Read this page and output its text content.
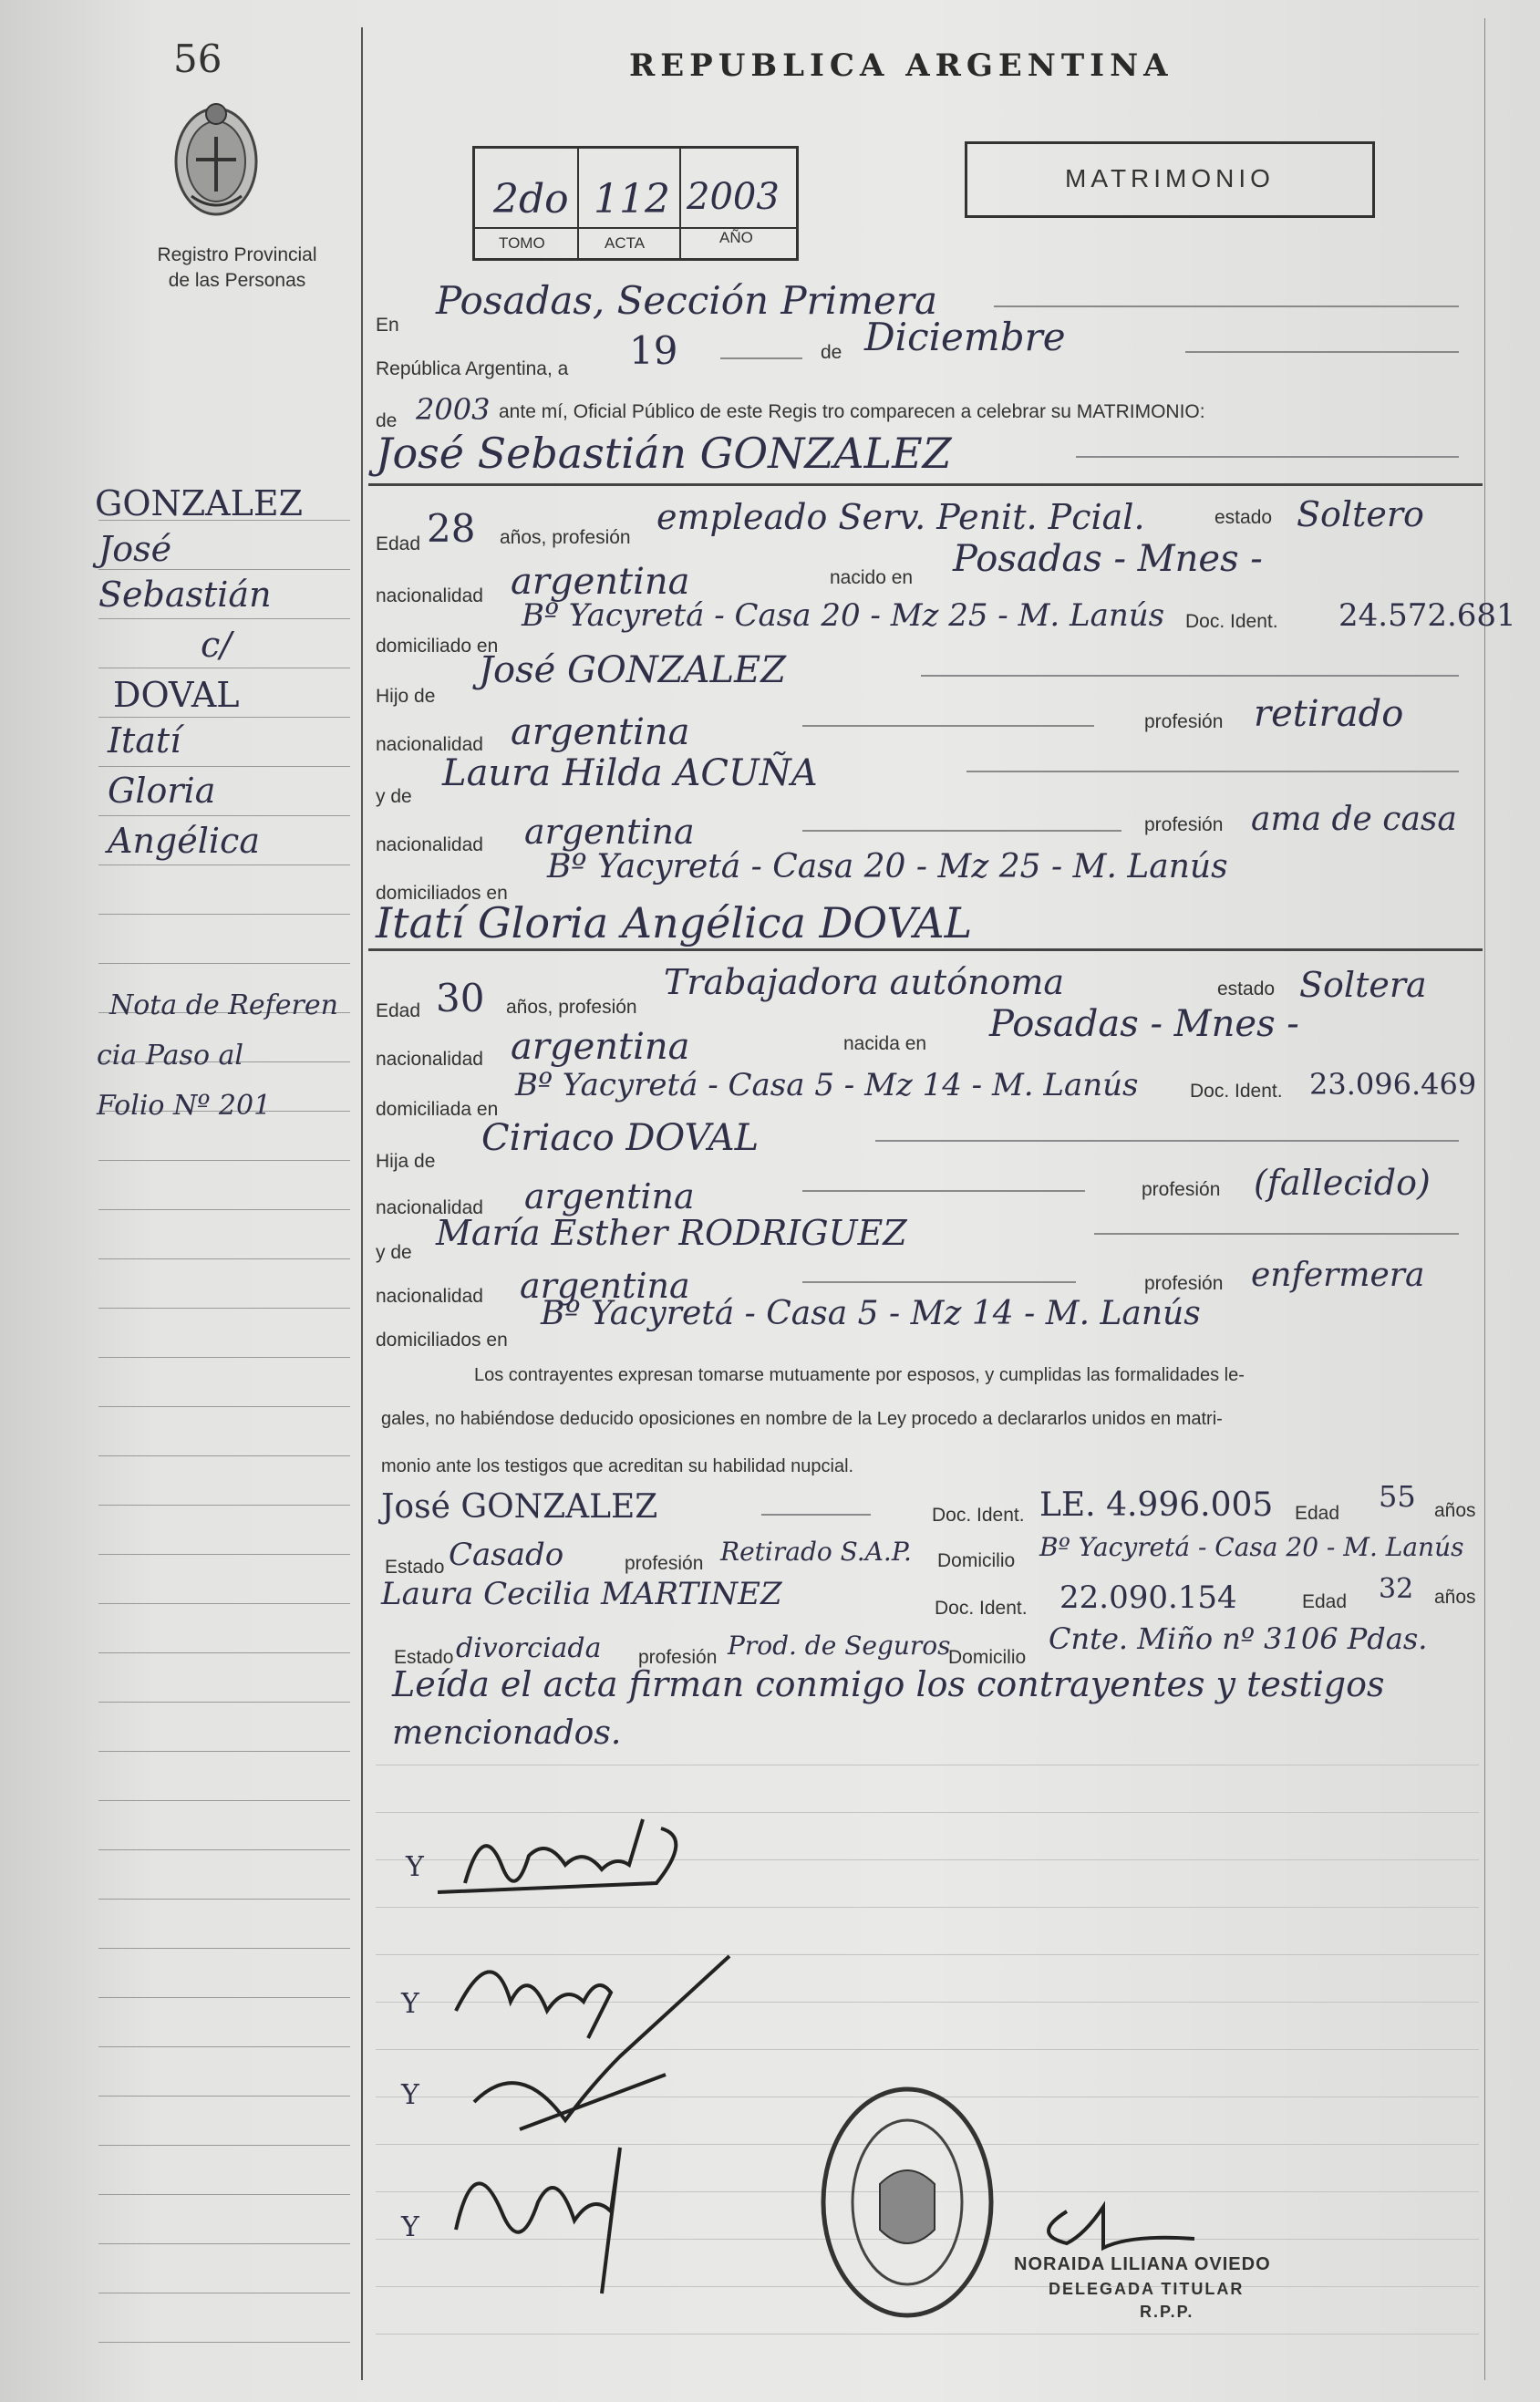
56
Registro Provincial
de las Personas
REPUBLICA ARGENTINA
2do 112 2003
TOMO	ACTA	AÑO
MATRIMONIO
GONZALEZ
José
Sebastián
c/
DOVAL
Itatí
Gloria
Angélica
Nota de Referen
cia Paso al
Folio Nº 201
En
Posadas, Sección Primera
República Argentina, a 19	de Diciembre
de 2003 ante mí, Oficial Público de este Regis tro comparecen a celebrar su MATRIMONIO:
José Sebastián GONZALEZ
Edad 28 años, profesión
empleado Serv. Penit. Pcial.	estado Soltero
nacionalidad argentina	nacido en Posadas - Mnes -
domiciliado en
Bº Yacyretá - Casa 20 - Mz 25 - M. Lanús Doc. Ident. 24.572.681
Hijo de
José GONZALEZ
nacionalidad argentina	profesión retirado
y de
Laura Hilda ACUÑA
nacionalidad argentina	profesión ama de casa
domiciliados en
Bº Yacyretá - Casa 20 - Mz 25 - M. Lanús
Itatí Gloria Angélica DOVAL
Edad 30 años, profesión
Trabajadora autónoma	estado Soltera
nacionalidad argentina	nacida en Posadas - Mnes -
domiciliada en
Bº Yacyretá - Casa 5 - Mz 14 - M. Lanús	Doc. Ident. 23.096.469
Hija de
Ciriaco DOVAL
nacionalidad argentina	profesión (fallecido)
y de María Esther RODRIGUEZ
nacionalidad argentina	profesión enfermera
domiciliados en
Bº Yacyretá - Casa 5 - Mz 14 - M. Lanús
Los contrayentes expresan tomarse mutuamente por esposos, y cumplidas las formalidades le-
gales, no habiéndose deducido oposiciones en nombre de la Ley procedo a declararlos unidos en matri-
monio ante los testigos que acreditan su habilidad nupcial.
José GONZALEZ	Doc. Ident. LE. 4.996.005 Edad 55 años
Estado Casado	profesión Retirado S.A.P. Domicilio Bº Yacyretá - Casa 20 - M. Lanús
Laura Cecilia MARTINEZ	Doc. Ident. 22.090.154	Edad 32 años
Estado divorciada profesión Prod. de Seguros
Domicilio
Cnte. Miño nº 3106 Pdas.
Leída el acta firman conmigo los contrayentes y testigos
mencionados.
Y
Y
Y
Y
NORAIDA LILIANA OVIEDO
DELEGADA TITULAR
R.P.P.
